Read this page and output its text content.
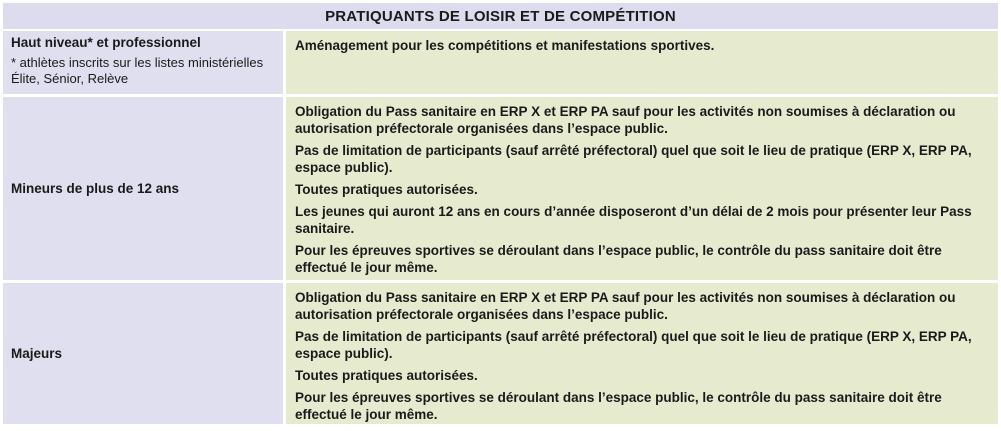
PRATIQUANTS DE LOISIR ET DE COMPÉTITION
Haut niveau* et professionnel
* athlètes inscrits sur les listes ministérielles Élite, Sénior, Relève
Aménagement pour les compétitions et manifestations sportives.
Mineurs de plus de 12 ans
Obligation du Pass sanitaire en ERP X et ERP PA sauf pour les activités non soumises à déclaration ou autorisation préfectorale organisées dans l’espace public.
Pas de limitation de participants (sauf arrêté préfectoral) quel que soit le lieu de pratique (ERP X, ERP PA, espace public).
Toutes pratiques autorisées.
Les jeunes qui auront 12 ans en cours d’année disposeront d’un délai de 2 mois pour présenter leur Pass sanitaire.
Pour les épreuves sportives se déroulant dans l’espace public, le contrôle du pass sanitaire doit être effectué le jour même.
Majeurs
Obligation du Pass sanitaire en ERP X et ERP PA sauf pour les activités non soumises à déclaration ou autorisation préfectorale organisées dans l’espace public.
Pas de limitation de participants (sauf arrêté préfectoral) quel que soit le lieu de pratique (ERP X, ERP PA, espace public).
Toutes pratiques autorisées.
Pour les épreuves sportives se déroulant dans l’espace public, le contrôle du pass sanitaire doit être effectué le jour même.
